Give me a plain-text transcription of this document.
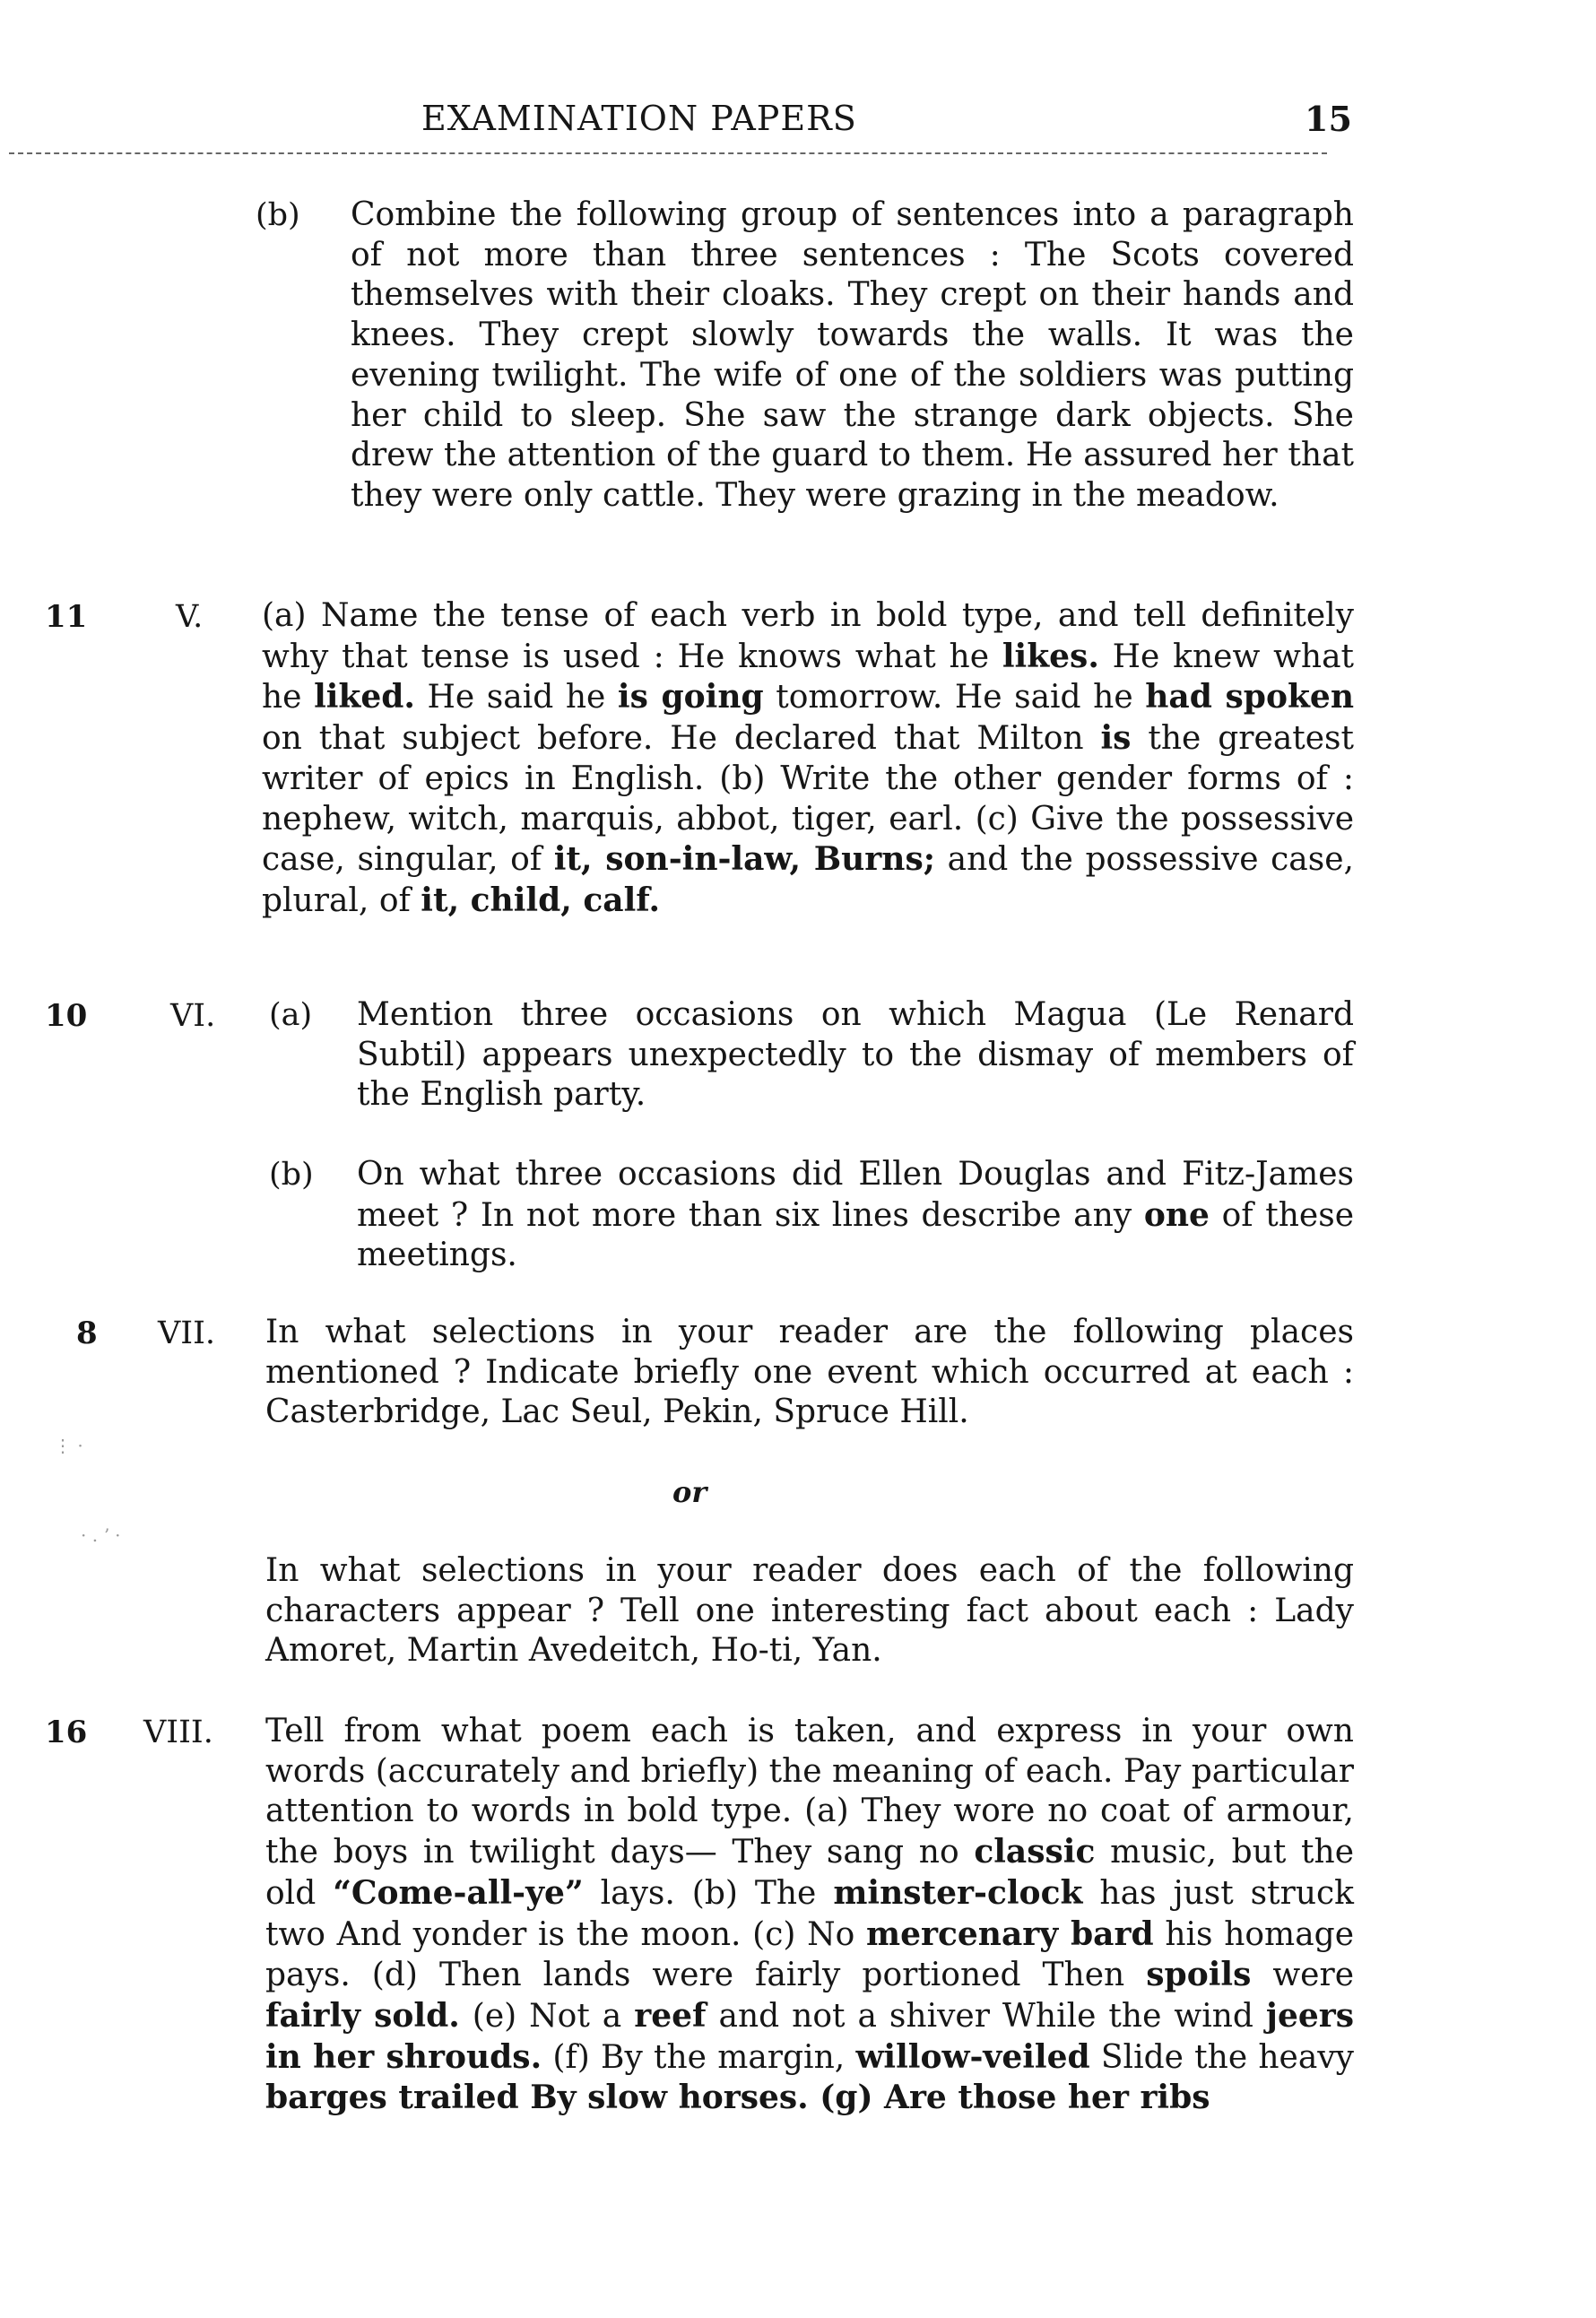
EXAMINATION PAPERS	15
(b) Combine the following group of sentences into a paragraph of not more than three sentences : The Scots covered themselves with their cloaks. They crept on their hands and knees. They crept slowly towards the walls. It was the evening twilight. The wife of one of the soldiers was putting her child to sleep. She saw the strange dark objects. She drew the attention of the guard to them. He assured her that they were only cattle. They were grazing in the meadow.
11	V. (a) Name the tense of each verb in bold type, and tell definitely why that tense is used : He knows what he likes. He knew what he liked. He said he is going tomorrow. He said he had spoken on that subject before. He declared that Milton is the greatest writer of epics in English. (b) Write the other gender forms of : nephew, witch, marquis, abbot, tiger, earl. (c) Give the possessive case, singular, of it, son-in-law, Burns; and the possessive case, plural, of it, child, calf.
10	VI. (a) Mention three occasions on which Magua (Le Renard Subtil) appears unexpectedly to the dismay of members of the English party.
(b) On what three occasions did Ellen Douglas and Fitz-James meet ? In not more than six lines describe any one of these meetings.
8 VII. In what selections in your reader are the following places mentioned ? Indicate briefly one event which occurred at each : Casterbridge, Lac Seul, Pekin, Spruce Hill.
or
In what selections in your reader does each of the following characters appear ? Tell one interesting fact about each : Lady Amoret, Martin Avedeitch, Ho-ti, Yan.
16 VIII. Tell from what poem each is taken, and express in your own words (accurately and briefly) the meaning of each. Pay particular attention to words in bold type. (a) They wore no coat of armour, the boys in twilight days— They sang no classic music, but the old “Come-all-ye” lays. (b) The minster-clock has just struck two And yonder is the moon. (c) No mercenary bard his homage pays. (d) Then lands were fairly portioned Then spoils were fairly sold. (e) Not a reef and not a shiver While the wind jeers in her shrouds. (f) By the margin, willow-veiled Slide the heavy barges trailed By slow horses. (g) Are those her ribs
⋮ ·
· . ʼ ·
